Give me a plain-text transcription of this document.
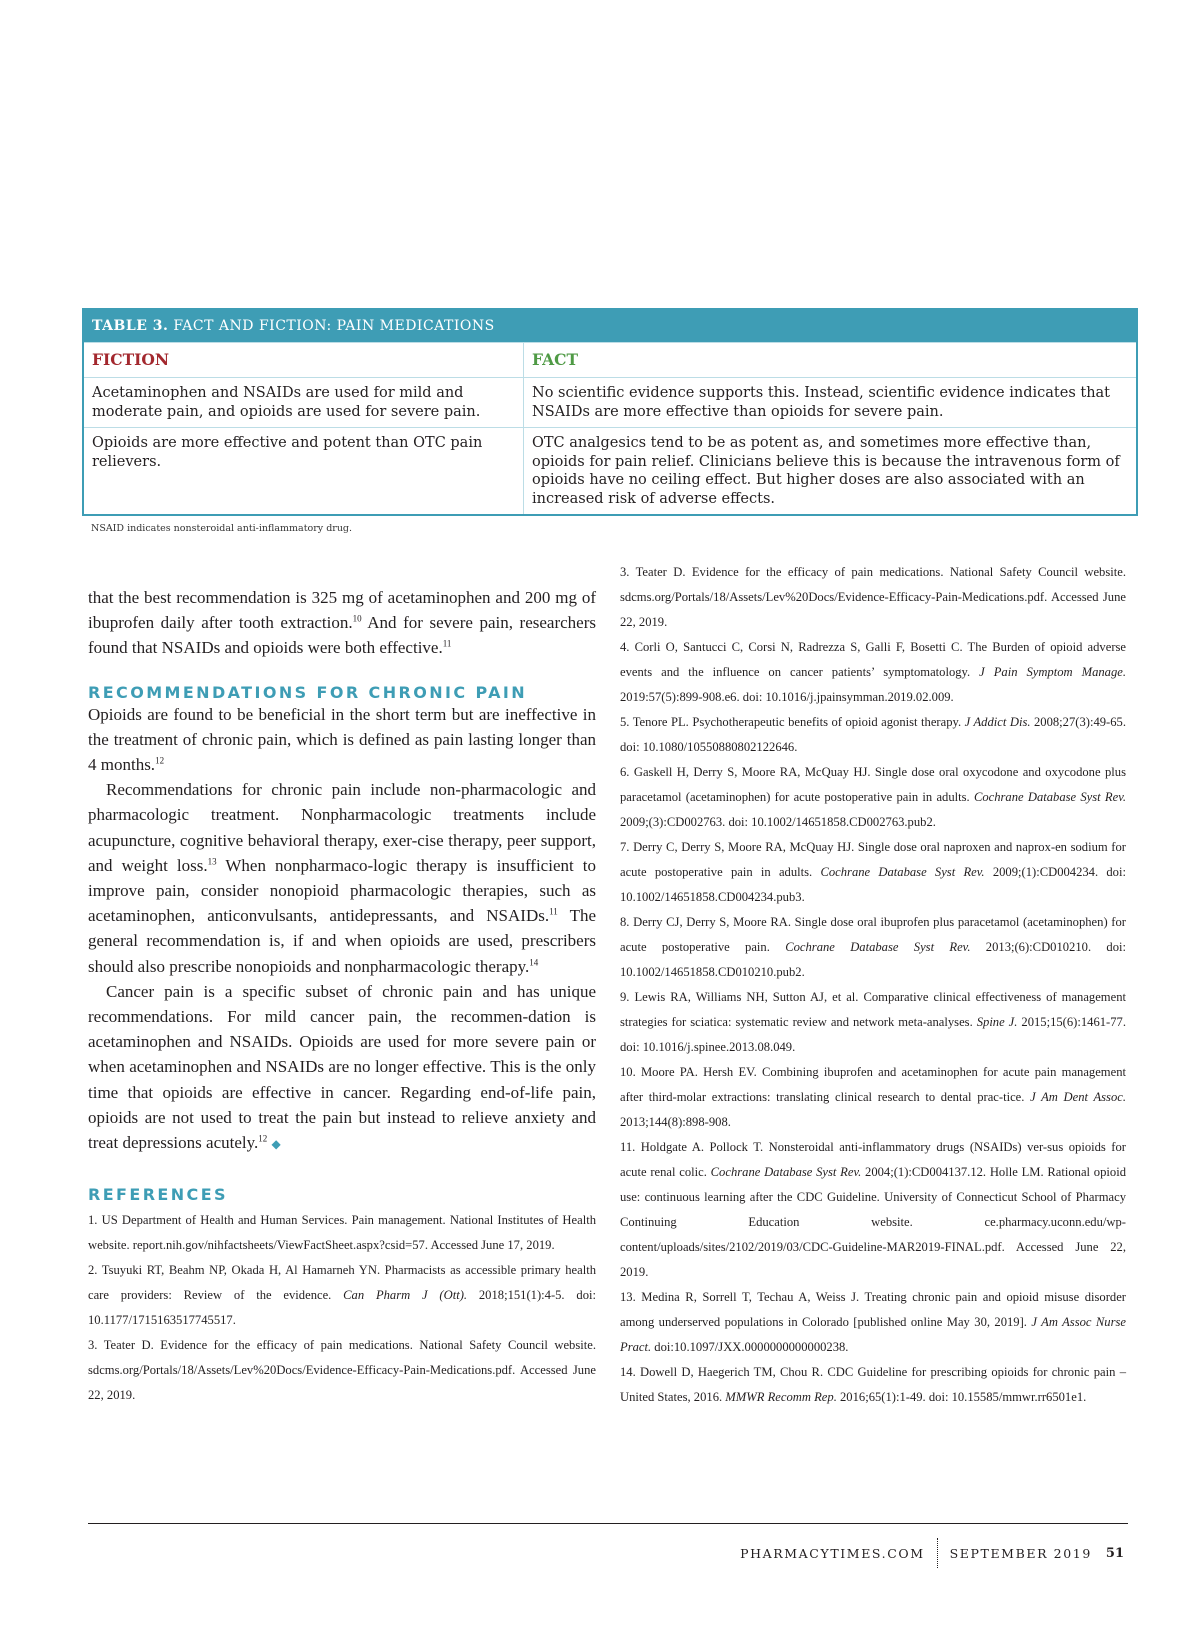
TABLE 3. FACT AND FICTION: PAIN MEDICATIONS
FICTION	FACT
Acetaminophen and NSAIDs are used for mild and moderate pain, and opioids are used for severe pain.
No scientific evidence supports this. Instead, scientific evidence indicates that NSAIDs are more effective than opioids for severe pain.
Opioids are more effective and potent than OTC pain relievers.
OTC analgesics tend to be as potent as, and sometimes more effective than, opioids for pain relief. Clinicians believe this is because the intravenous form of opioids have no ceiling effect. But higher doses are also associated with an increased risk of adverse effects.
NSAID indicates nonsteroidal anti-inflammatory drug.

that the best recommendation is 325 mg of acetaminophen and 200 mg of ibuprofen daily after tooth extraction.$^{10}$ And for severe pain, researchers found that NSAIDs and opioids were both effective.$^{11}$

RECOMMENDATIONS FOR CHRONIC PAIN

Opioids are found to be beneficial in the short term but are ineffective in the treatment of chronic pain, which is defined as pain lasting longer than 4 months.$^{12}$

Recommendations for chronic pain include non-pharmacologic and pharmacologic treatment. Nonpharmacologic treatments include acupuncture, cognitive behavioral therapy, exer-cise therapy, peer support, and weight loss.$^{13}$ When nonpharmaco-logic therapy is insufficient to improve pain, consider nonopioid pharmacologic therapies, such as acetaminophen, anticonvulsants, antidepressants, and NSAIDs.$^{11}$ The general recommendation is, if and when opioids are used, prescribers should also prescribe nonopioids and nonpharmacologic therapy.$^{14}$

Cancer pain is a specific subset of chronic pain and has unique recommendations. For mild cancer pain, the recommen-dation is acetaminophen and NSAIDs. Opioids are used for more severe pain or when acetaminophen and NSAIDs are no longer effective. This is the only time that opioids are effective in cancer. Regarding end-of-life pain, opioids are not used to treat the pain but instead to relieve anxiety and treat depressions acutely.$^{12}$ ◆

REFERENCES

1. US Department of Health and Human Services. Pain management. National Institutes of Health website. report.nih.gov/nihfactsheets/ViewFactSheet.aspx?csid=57. Accessed June 17, 2019.

2. Tsuyuki RT, Beahm NP, Okada H, Al Hamarneh YN. Pharmacists as accessible primary health care providers: Review of the evidence. Can Pharm J (Ott). 2018;151(1):4-5. doi: 10.1177/1715163517745517.

3. Teater D. Evidence for the efficacy of pain medications. National Safety Council website. sdcms.org/Portals/18/Assets/Lev%20Docs/Evidence-Efficacy-Pain-Medications.pdf. Accessed June 22, 2019.

3. Teater D. Evidence for the efficacy of pain medications. National Safety Council website. sdcms.org/Portals/18/Assets/Lev%20Docs/Evidence-Efficacy-Pain-Medications.pdf. Accessed June 22, 2019.

4. Corli O, Santucci C, Corsi N, Radrezza S, Galli F, Bosetti C. The Burden of opioid adverse events and the influence on cancer patients’ symptomatology. J Pain Symptom Manage. 2019:57(5):899-908.e6. doi: 10.1016/j.jpainsymman.2019.02.009.

5. Tenore PL. Psychotherapeutic benefits of opioid agonist therapy. J Addict Dis. 2008;27(3):49-65. doi: 10.1080/10550880802122646.

6. Gaskell H, Derry S, Moore RA, McQuay HJ. Single dose oral oxycodone and oxycodone plus paracetamol (acetaminophen) for acute postoperative pain in adults. Cochrane Database Syst Rev. 2009;(3):CD002763. doi: 10.1002/14651858.CD002763.pub2.

7. Derry C, Derry S, Moore RA, McQuay HJ. Single dose oral naproxen and naprox-en sodium for acute postoperative pain in adults. Cochrane Database Syst Rev. 2009;(1):CD004234. doi: 10.1002/14651858.CD004234.pub3.

8. Derry CJ, Derry S, Moore RA. Single dose oral ibuprofen plus paracetamol (acetaminophen) for acute postoperative pain. Cochrane Database Syst Rev. 2013;(6):CD010210. doi: 10.1002/14651858.CD010210.pub2.

9. Lewis RA, Williams NH, Sutton AJ, et al. Comparative clinical effectiveness of management strategies for sciatica: systematic review and network meta-analyses. Spine J. 2015;15(6):1461-77. doi: 10.1016/j.spinee.2013.08.049.

10. Moore PA. Hersh EV. Combining ibuprofen and acetaminophen for acute pain management after third-molar extractions: translating clinical research to dental prac-tice. J Am Dent Assoc. 2013;144(8):898-908.

11. Holdgate A. Pollock T. Nonsteroidal anti-inflammatory drugs (NSAIDs) ver-sus opioids for acute renal colic. Cochrane Database Syst Rev. 2004;(1):CD004137.12. Holle LM. Rational opioid use: continuous learning after the CDC Guideline. University of Connecticut School of Pharmacy Continuing Education website. ce.pharmacy.uconn.edu/wp-content/uploads/sites/2102/2019/03/CDC-Guideline-MAR2019-FINAL.pdf. Accessed June 22, 2019.

13. Medina R, Sorrell T, Techau A, Weiss J. Treating chronic pain and opioid misuse disorder among underserved populations in Colorado [published online May 30, 2019]. J Am Assoc Nurse Pract. doi:10.1097/JXX.0000000000000238.

14. Dowell D, Haegerich TM, Chou R. CDC Guideline for prescribing opioids for chronic pain – United States, 2016. MMWR Recomm Rep. 2016;65(1):1-49. doi: 10.15585/mmwr.rr6501e1.

PHARMACYTIMES.COM SEPTEMBER 2019 51
